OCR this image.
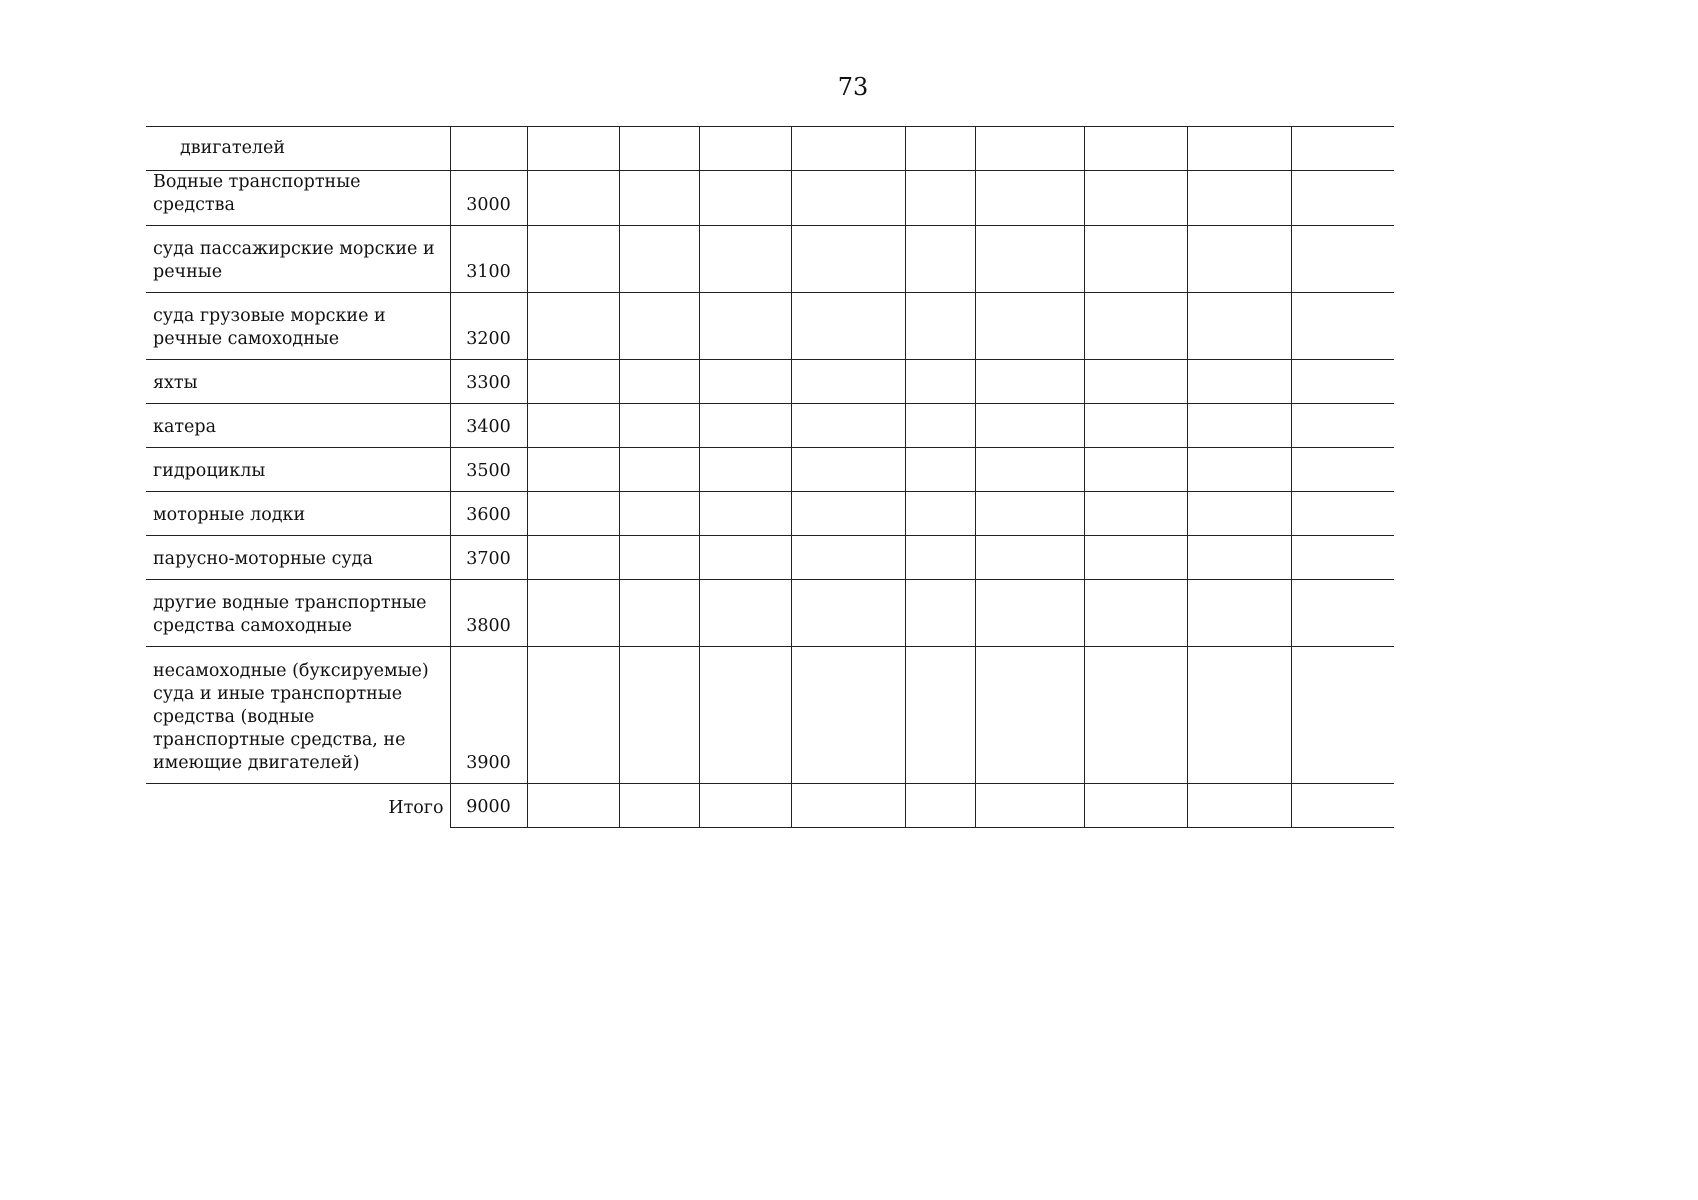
73
двигателей										
Водные транспортные средства	3000									
суда пассажирские морские и речные	3100									
суда грузовые морские и речные самоходные	3200									
яхты	3300									
катера	3400									
гидроциклы	3500									
моторные лодки	3600									
парусно-моторные суда	3700									
другие водные транспортные средства самоходные	3800									
несамоходные (буксируемые) суда и иные транспортные средства (водные транспортные средства, не имеющие двигателей)	3900									
Итого	9000									
